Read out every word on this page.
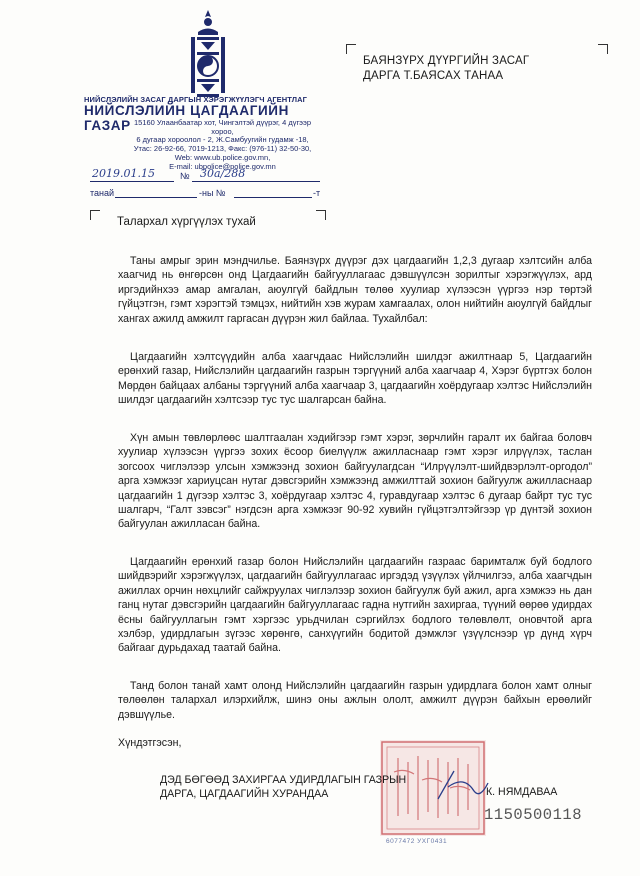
НИЙСЛЭЛИЙН ЗАСАГ ДАРГЫН ХЭРЭГЖҮҮЛЭГЧ АГЕНТЛАГ
НИЙСЛЭЛИЙН ЦАГДААГИЙН ГАЗАР 15160 Улаанбаатар хот, Чингэлтэй дүүрэг, 4 дүгээр хороо,
6 дугаар хороолол - 2, Ж.Самбуугийн гудамж -18,
Утас: 26-92-66, 7019-1213, Факс: (976-11) 32-50-30,
Web: www.ub.police.gov.mn,
E-mail: ubpolice@police.gov.mn
2019.01.15	№ 30а/288
танай	-ны №	-т
БАЯНЗҮРХ ДҮҮРГИЙН ЗАСАГ
ДАРГА Т.БАЯСАХ ТАНАА
Талархал хүргүүлэх тухай

Таны амрыг эрин мэндчилье. Баянзүрх дүүрэг дэх цагдаагийн 1,2,3 дугаар хэлтсийн алба хаагчид нь өнгөрсөн онд Цагдаагийн байгууллагаас дэвшүүлсэн зорилтыг хэрэгжүүлэх, ард иргэдийнхээ амар амгалан, аюулгүй байдлын төлөө хуулиар хүлээсэн үүргээ нэр төртэй гүйцэтгэн, гэмт хэрэгтэй тэмцэх, нийтийн хэв журам хамгаалах, олон нийтийн аюулгүй байдлыг хангах ажилд амжилт гаргасан дүүрэн жил байлаа. Тухайлбал:

Цагдаагийн хэлтсүүдийн алба хаагчдаас Нийслэлийн шилдэг ажилтнаар 5, Цагдаагийн ерөнхий газар, Нийслэлийн цагдаагийн газрын тэргүүний алба хаагчаар 4, Хэрэг бүртгэх болон Мөрдөн байцаах албаны тэргүүний алба хаагчаар 3, цагдаагийн хоёрдугаар хэлтэс Нийслэлийн шилдэг цагдаагийн хэлтсээр тус тус шалгарсан байна.

Хүн амын төвлөрлөөс шалтгаалан хэдийгээр гэмт хэрэг, зөрчлийн гаралт их байгаа боловч хуулиар хүлээсэн үүргээ зохих ёсоор биелүүлж ажилласнаар гэмт хэрэг илрүүлэх, таслан зогсоох чиглэлээр улсын хэмжээнд зохион байгуулагдсан “Илрүүлэлт-шийдвэрлэлт-оргодол” арга хэмжээг хариуцсан нутаг дэвсгэрийн хэмжээнд амжилттай зохион байгуулж ажилласнаар цагдаагийн 1 дүгээр хэлтэс 3, хоёрдугаар хэлтэс 4, гуравдугаар хэлтэс 6 дугаар байрт тус тус шалгарч, “Галт зэвсэг” нэгдсэн арга хэмжээг 90-92 хувийн гүйцэтгэлтэйгээр үр дүнтэй зохион байгуулан ажилласан байна.

Цагдаагийн ерөнхий газар болон Нийслэлийн цагдаагийн газраас баримталж буй бодлого шийдвэрийг хэрэгжүүлэх, цагдаагийн байгууллагаас иргэдэд үзүүлэх үйлчилгээ, алба хаагчдын ажиллах орчин нөхцлийг сайжруулах чиглэлээр зохион байгуулж буй ажил, арга хэмжээ нь дан ганц нутаг дэвсгэрийн цагдаагийн байгууллагаас гадна нутгийн захиргаа, түүний өөрөө удирдах ёсны байгууллагын гэмт хэргээс урьдчилан сэргийлэх бодлого төлөвлөлт, оновчтой арга хэлбэр, удирдлагын зүгээс хөрөнгө, санхүүгийн бодитой дэмжлэг үзүүлснээр үр дүнд хүрч байгааг дурьдахад таатай байна.

Танд болон танай хамт олонд Нийслэлийн цагдаагийн газрын удирдлага болон хамт олныг төлөөлөн талархал илэрхийлж, шинэ оны ажлын ололт, амжилт дүүрэн байхын ерөөлийг дэвшүүлье.

Хүндэтгэсэн,
6077472 УХГ0431
ДЭД БӨГӨӨД ЗАХИРГАА УДИРДЛАГЫН ГАЗРЫН
ДАРГА, ЦАГДААГИЙН ХУРАНДАА	К. НЯМДАВАА
1150500118
